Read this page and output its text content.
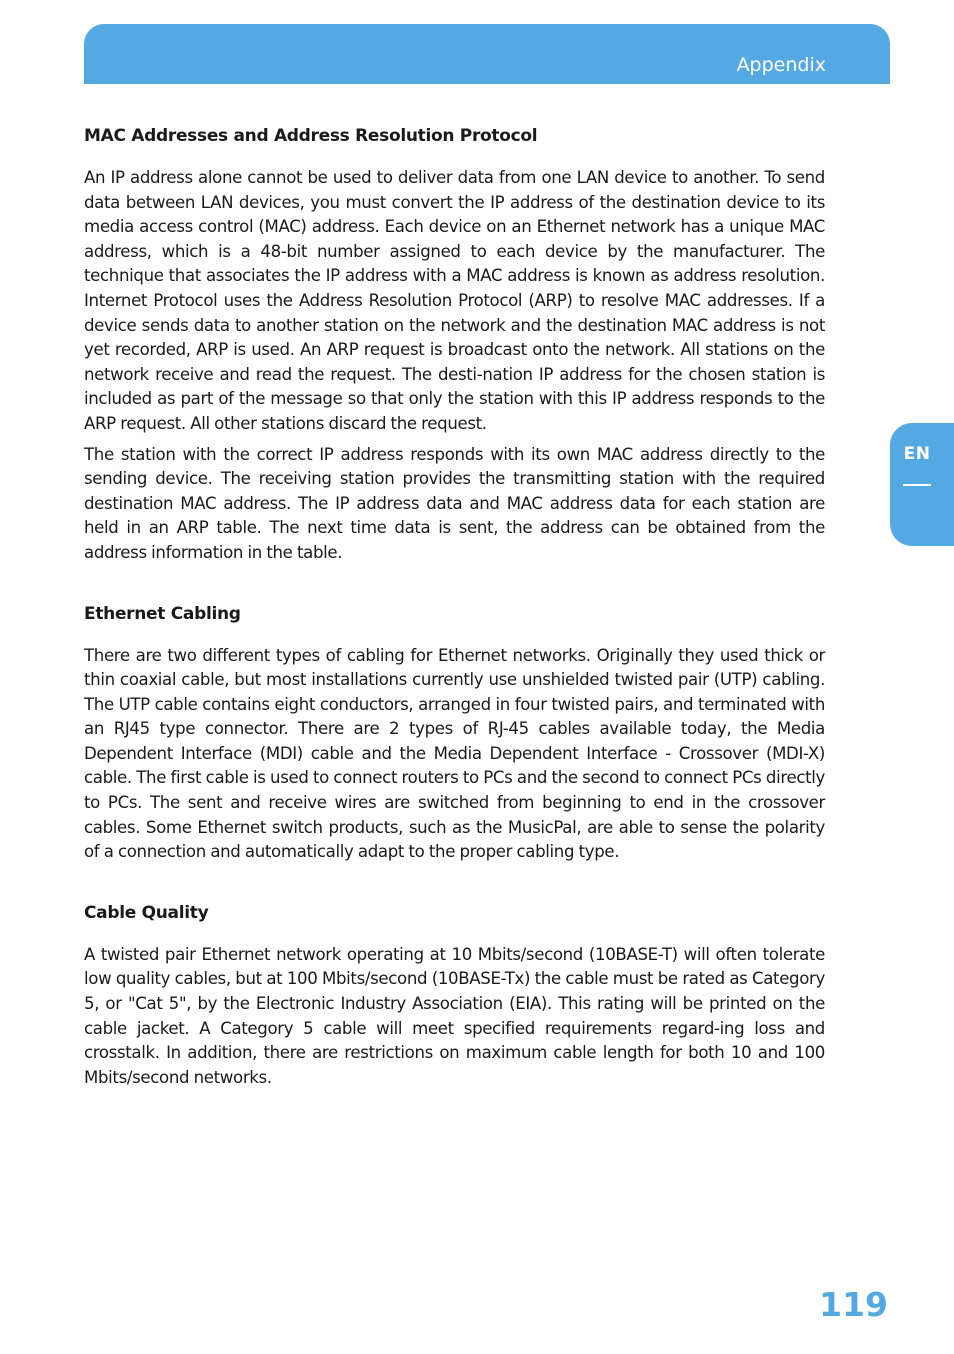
Appendix
EN
MAC Addresses and Address Resolution Protocol

An IP address alone cannot be used to deliver data from one LAN device to another. To send data between LAN devices, you must convert the IP address of the destination device to its media access control (MAC) address. Each device on an Ethernet network has a unique MAC address, which is a 48-bit number assigned to each device by the manufacturer. The technique that associates the IP address with a MAC address is known as address resolution. Internet Protocol uses the Address Resolution Protocol (ARP) to resolve MAC addresses. If a device sends data to another station on the network and the destination MAC address is not yet recorded, ARP is used. An ARP request is broadcast onto the network. All stations on the network receive and read the request. The desti-nation IP address for the chosen station is included as part of the message so that only the station with this IP address responds to the ARP request. All other stations discard the request.

The station with the correct IP address responds with its own MAC address directly to the sending device. The receiving station provides the transmitting station with the required destination MAC address. The IP address data and MAC address data for each station are held in an ARP table. The next time data is sent, the address can be obtained from the address information in the table.

Ethernet Cabling

There are two different types of cabling for Ethernet networks. Originally they used thick or thin coaxial cable, but most installations currently use unshielded twisted pair (UTP) cabling. The UTP cable contains eight conductors, arranged in four twisted pairs, and terminated with an RJ45 type connector. There are 2 types of RJ-45 cables available today, the Media Dependent Interface (MDI) cable and the Media Dependent Interface - Crossover (MDI-X) cable. The first cable is used to connect routers to PCs and the second to connect PCs directly to PCs. The sent and receive wires are switched from beginning to end in the crossover cables. Some Ethernet switch products, such as the MusicPal, are able to sense the polarity of a connection and automatically adapt to the proper cabling type.

Cable Quality

A twisted pair Ethernet network operating at 10 Mbits/second (10BASE-T) will often tolerate low quality cables, but at 100 Mbits/second (10BASE-Tx) the cable must be rated as Category 5, or "Cat 5", by the Electronic Industry Association (EIA). This rating will be printed on the cable jacket. A Category 5 cable will meet specified requirements regard-ing loss and crosstalk. In addition, there are restrictions on maximum cable length for both 10 and 100 Mbits/second networks.

119
